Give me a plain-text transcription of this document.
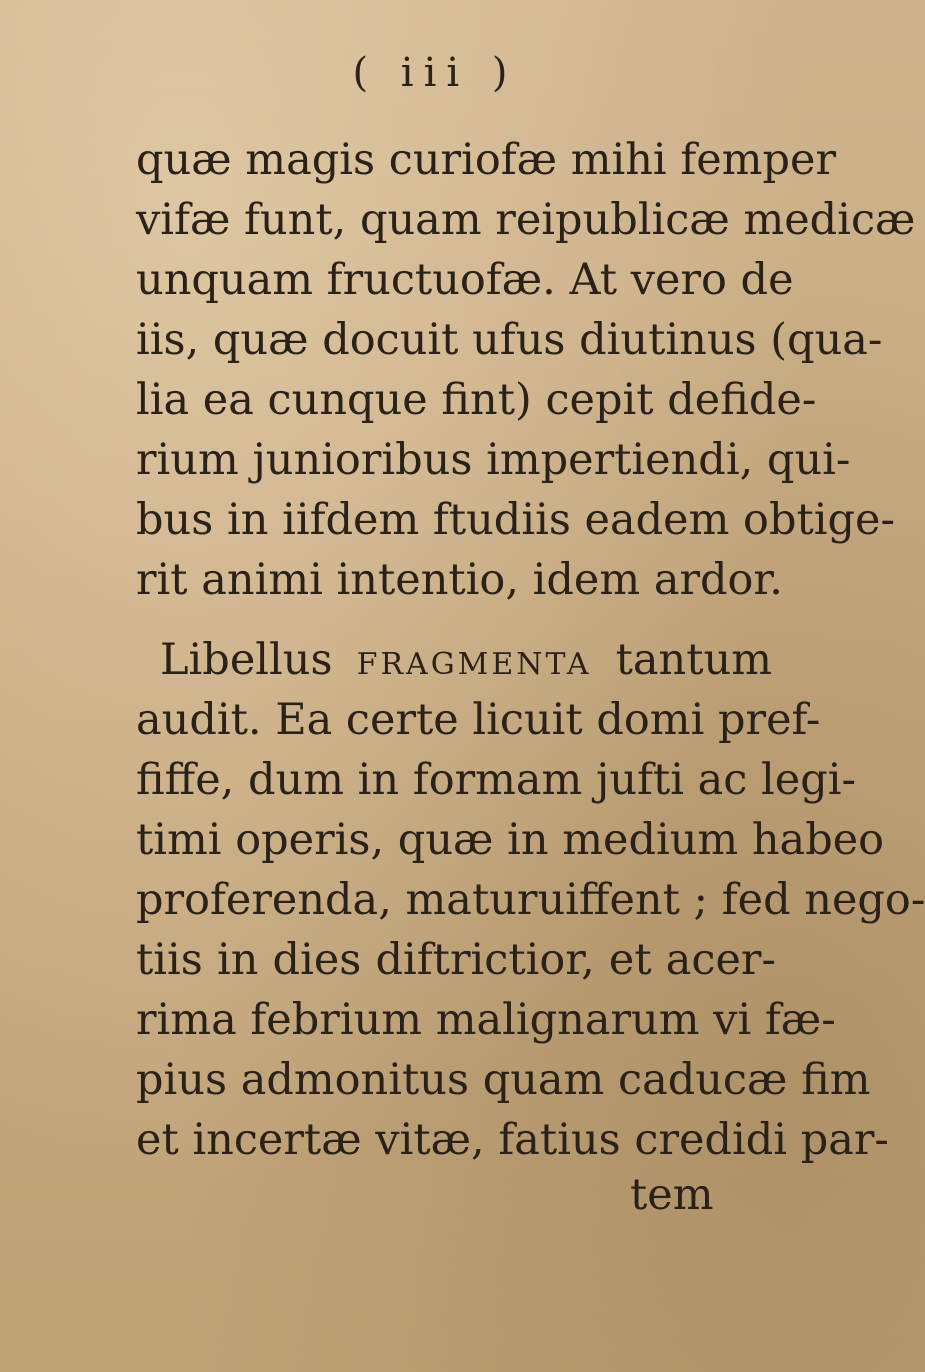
( iii )
quæ magis curiofæ mihi femper
vifæ funt, quam reipublicæ medicæ
unquam fructuofæ. At vero de
iis, quæ docuit ufus diutinus (qua-
lia ea cunque fint) cepit defide-
rium junioribus impertiendi, qui-
bus in iifdem ftudiis eadem obtige-
rit animi intentio, idem ardor.
Libellus FRAGMENTA tantum
audit. Ea certe licuit domi pref-
fiffe, dum in formam jufti ac legi-
timi operis, quæ in medium habeo
proferenda, maturuiffent ; fed nego-
tiis in dies diftrictior, et acer-
rima febrium malignarum vi fæ-
pius admonitus quam caducæ fim
et incertæ vitæ, fatius credidi par-
tem
